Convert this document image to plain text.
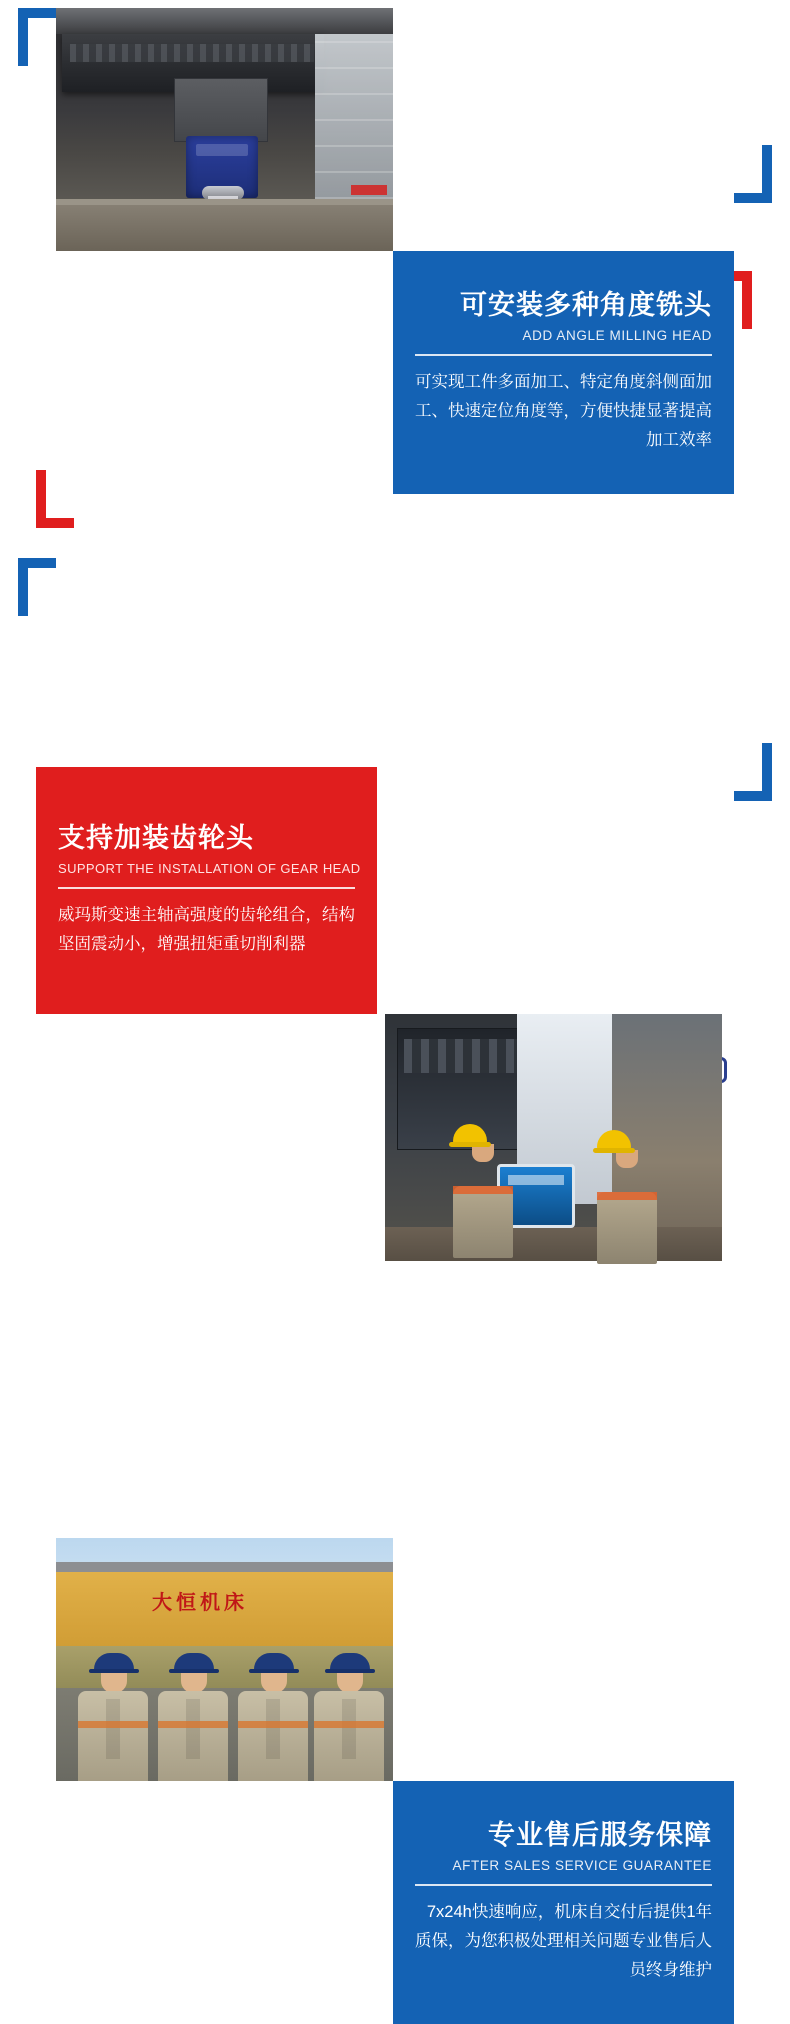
可安装多种角度铣头
ADD ANGLE MILLING HEAD
可实现工件多面加工、特定角度斜侧面加工、快速定位角度等，方便快捷显著提高加工效率
支持加装齿轮头
SUPPORT THE INSTALLATION OF GEAR HEAD
威玛斯变速主轴高强度的齿轮组合，结构坚固震动小，增强扭矩重切削利器
大恒机床
专业售后服务保障
AFTER SALES SERVICE GUARANTEE
7x24h快速响应，机床自交付后提供1年质保，为您积极处理相关问题专业售后人员终身维护
